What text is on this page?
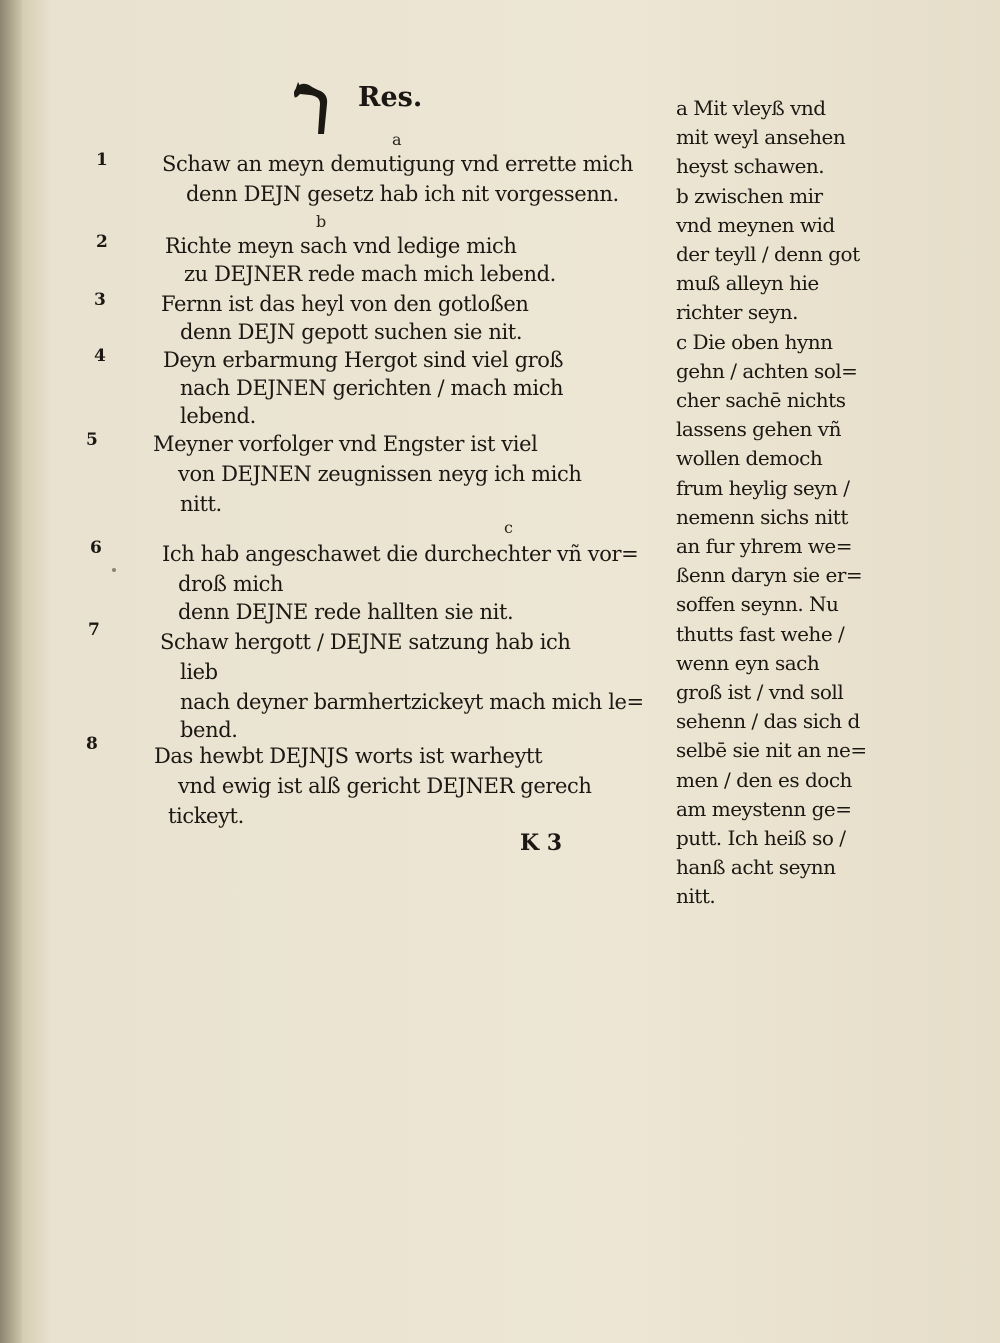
Res.
a
1	Schaw an meyn demutigung vnd errette mich
denn DEJN gesetz hab ich nit vorgessenn.
b
2	Richte meyn sach vnd ledige mich
zu DEJNER rede mach mich lebend.
3	Fernn ist das heyl von den gotloßen
denn DEJN gepott suchen sie nit.
4	Deyn erbarmung Hergot sind viel groß
nach DEJNEN gerichten / mach mich
lebend.
5	Meyner vorfolger vnd Engster ist viel
von DEJNEN zeugnissen neyg ich mich
nitt.
c
6	Ich hab angeschawet die durchechter vñ vor=
droß mich
denn DEJNE rede hallten sie nit.
7	Schaw hergott / DEJNE satzung hab ich
lieb
nach deyner barmhertzickeyt mach mich le=
bend.
8	Das hewbt DEJNJS worts ist warheytt
vnd ewig ist alß gericht DEJNER gerech
tickeyt.
K 3
a Mit vleyß vnd
mit weyl ansehen
heyst schawen.
b zwischen mir
vnd meynen wid
der teyll / denn got
muß alleyn hie
richter seyn.
c Die oben hynn
gehn / achten sol=
cher sachē nichts
lassens gehen vñ
wollen democh
frum heylig seyn /
nemenn sichs nitt
an fur yhrem we=
ßenn daryn sie er=
soffen seynn. Nu
thutts fast wehe /
wenn eyn sach
groß ist / vnd soll
sehenn / das sich d
selbē sie nit an ne=
men / den es doch
am meystenn ge=
putt. Ich heiß so /
hanß acht seynn
nitt.
